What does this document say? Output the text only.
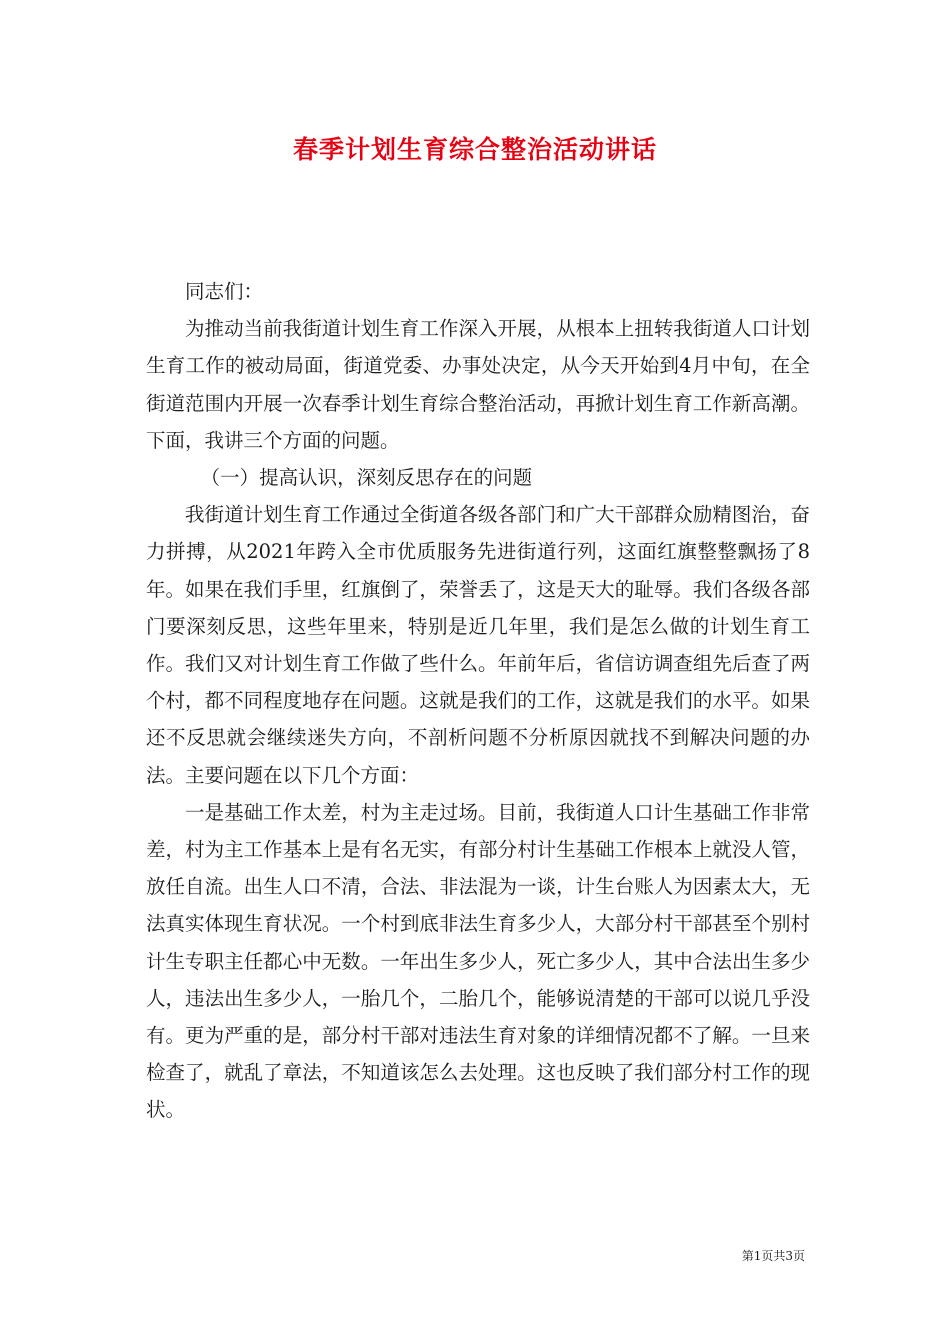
春季计划生育综合整治活动讲话

同志们：

为推动当前我街道计划生育工作深入开展，从根本上扭转我街道人口计划生育工作的被动局面，街道党委、办事处决定，从今天开始到4月中旬，在全街道范围内开展一次春季计划生育综合整治活动，再掀计划生育工作新高潮。下面，我讲三个方面的问题。

（一）提高认识，深刻反思存在的问题

我街道计划生育工作通过全街道各级各部门和广大干部群众励精图治，奋力拼搏，从2021年跨入全市优质服务先进街道行列，这面红旗整整飘扬了8年。如果在我们手里，红旗倒了，荣誉丢了，这是天大的耻辱。我们各级各部门要深刻反思，这些年里来，特别是近几年里，我们是怎么做的计划生育工作。我们又对计划生育工作做了些什么。年前年后，省信访调查组先后查了两个村，都不同程度地存在问题。这就是我们的工作，这就是我们的水平。如果还不反思就会继续迷失方向，不剖析问题不分析原因就找不到解决问题的办法。主要问题在以下几个方面：

一是基础工作太差，村为主走过场。目前，我街道人口计生基础工作非常差，村为主工作基本上是有名无实，有部分村计生基础工作根本上就没人管，放任自流。出生人口不清，合法、非法混为一谈，计生台账人为因素太大，无法真实体现生育状况。一个村到底非法生育多少人，大部分村干部甚至个别村计生专职主任都心中无数。一年出生多少人，死亡多少人，其中合法出生多少人，违法出生多少人，一胎几个，二胎几个，能够说清楚的干部可以说几乎没有。更为严重的是，部分村干部对违法生育对象的详细情况都不了解。一旦来检查了，就乱了章法，不知道该怎么去处理。这也反映了我们部分村工作的现状。

第1页共3页
